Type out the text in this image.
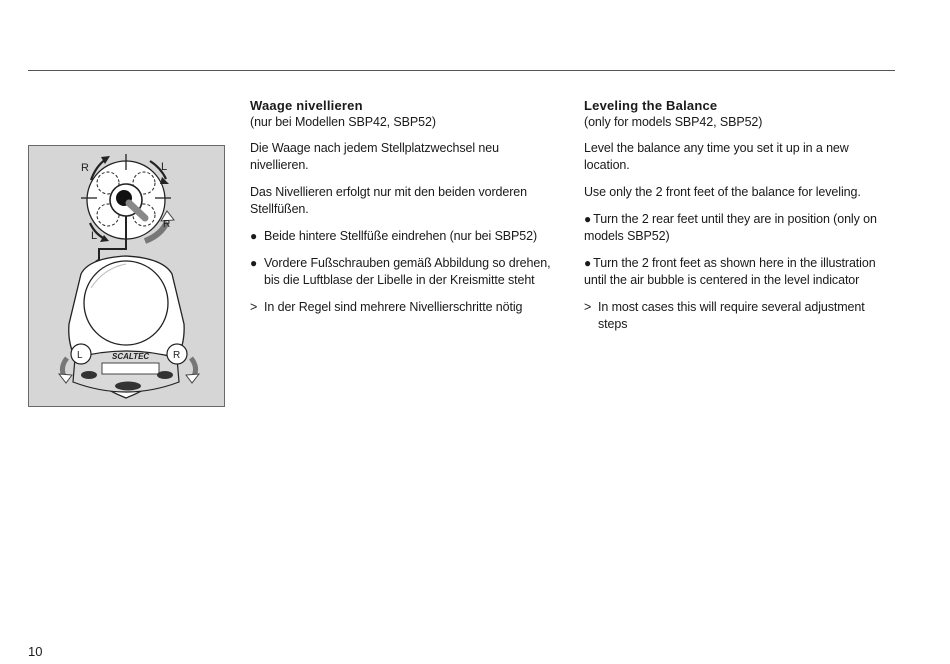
R	L
L
R
SCALTEC
L	R
Waage nivellieren
(nur bei Modellen SBP42, SBP52)
Die Waage nach jedem Stellplatzwechsel neu nivellieren.
Das Nivellieren erfolgt nur mit den beiden vorderen Stellfüßen.
● Beide hintere Stellfüße eindrehen (nur bei SBP52)
● Vordere Fußschrauben gemäß Abbildung so drehen, bis die Luftblase der Libelle in der Kreismitte steht
> In der Regel sind mehrere Nivellierschritte nötig
Leveling the Balance
(only for models SBP42, SBP52)
Level the balance any time you set it up in a new location.
Use only the 2 front feet of the balance for leveling.
● Turn the 2 rear feet until they are in position (only on models SBP52)
● Turn the 2 front feet as shown here in the illustration until the air bubble is centered in the level indicator
> In most cases this will require several adjustment steps
10
